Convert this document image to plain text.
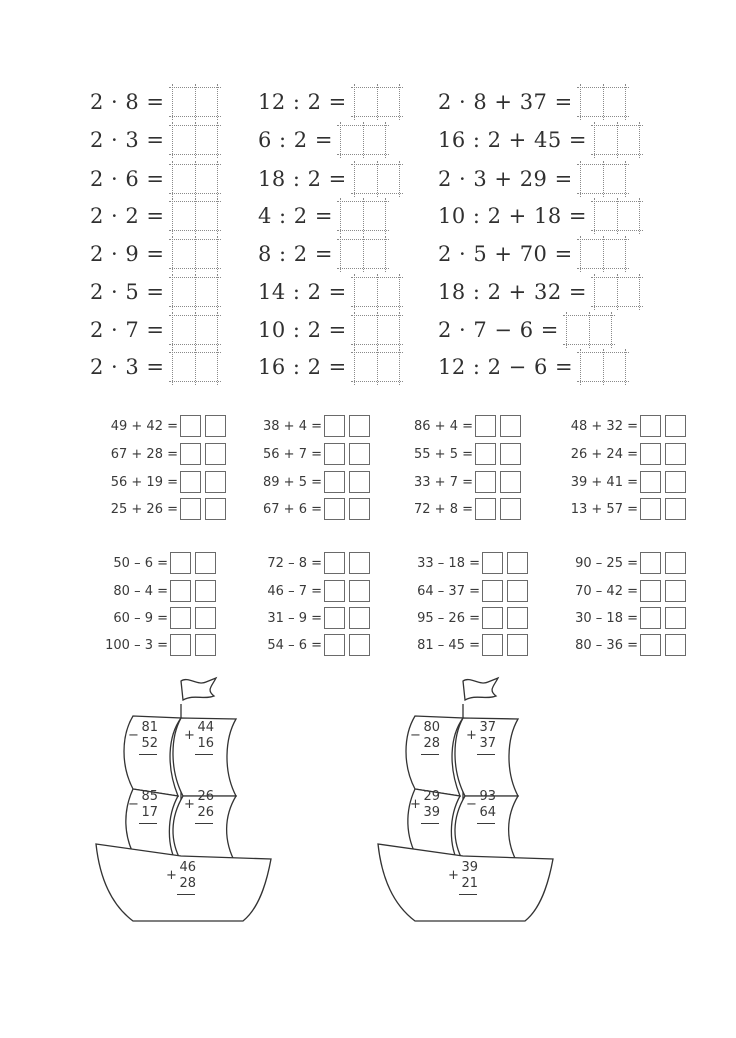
2 · 8 =
2 · 3 =
2 · 6 =
2 · 2 =
2 · 9 =
2 · 5 =
2 · 7 =
2 · 3 =
12 : 2 =
6 : 2 =
18 : 2 =
4 : 2 =
8 : 2 =
14 : 2 =
10 : 2 =
16 : 2 =
2 · 8 + 37 =
16 : 2 + 45 =
2 · 3 + 29 =
10 : 2 + 18 =
2 · 5 + 70 =
18 : 2 + 32 =
2 · 7 − 6 =
12 : 2 − 6 =
49 + 42 =
67 + 28 =
56 + 19 =
25 + 26 =
38 + 4 =
56 + 7 =
89 + 5 =
67 + 6 =
86 + 4 =
55 + 5 =
33 + 7 =
72 + 8 =
48 + 32 =
26 + 24 =
39 + 41 =
13 + 57 =
50 – 6 =
80 – 4 =
60 – 9 =
100 – 3 =
72 – 8 =
46 – 7 =
31 – 9 =
54 – 6 =
33 – 18 =
64 – 37 =
95 – 26 =
81 – 45 =
90 – 25 =
70 – 42 =
30 – 18 =
80 – 36 =
−
81
52
+
44
16
−
85
17
+
26
26
+
46
28
−
80
28
+
37
37
+
29
39
−
93
64
+
39
21
